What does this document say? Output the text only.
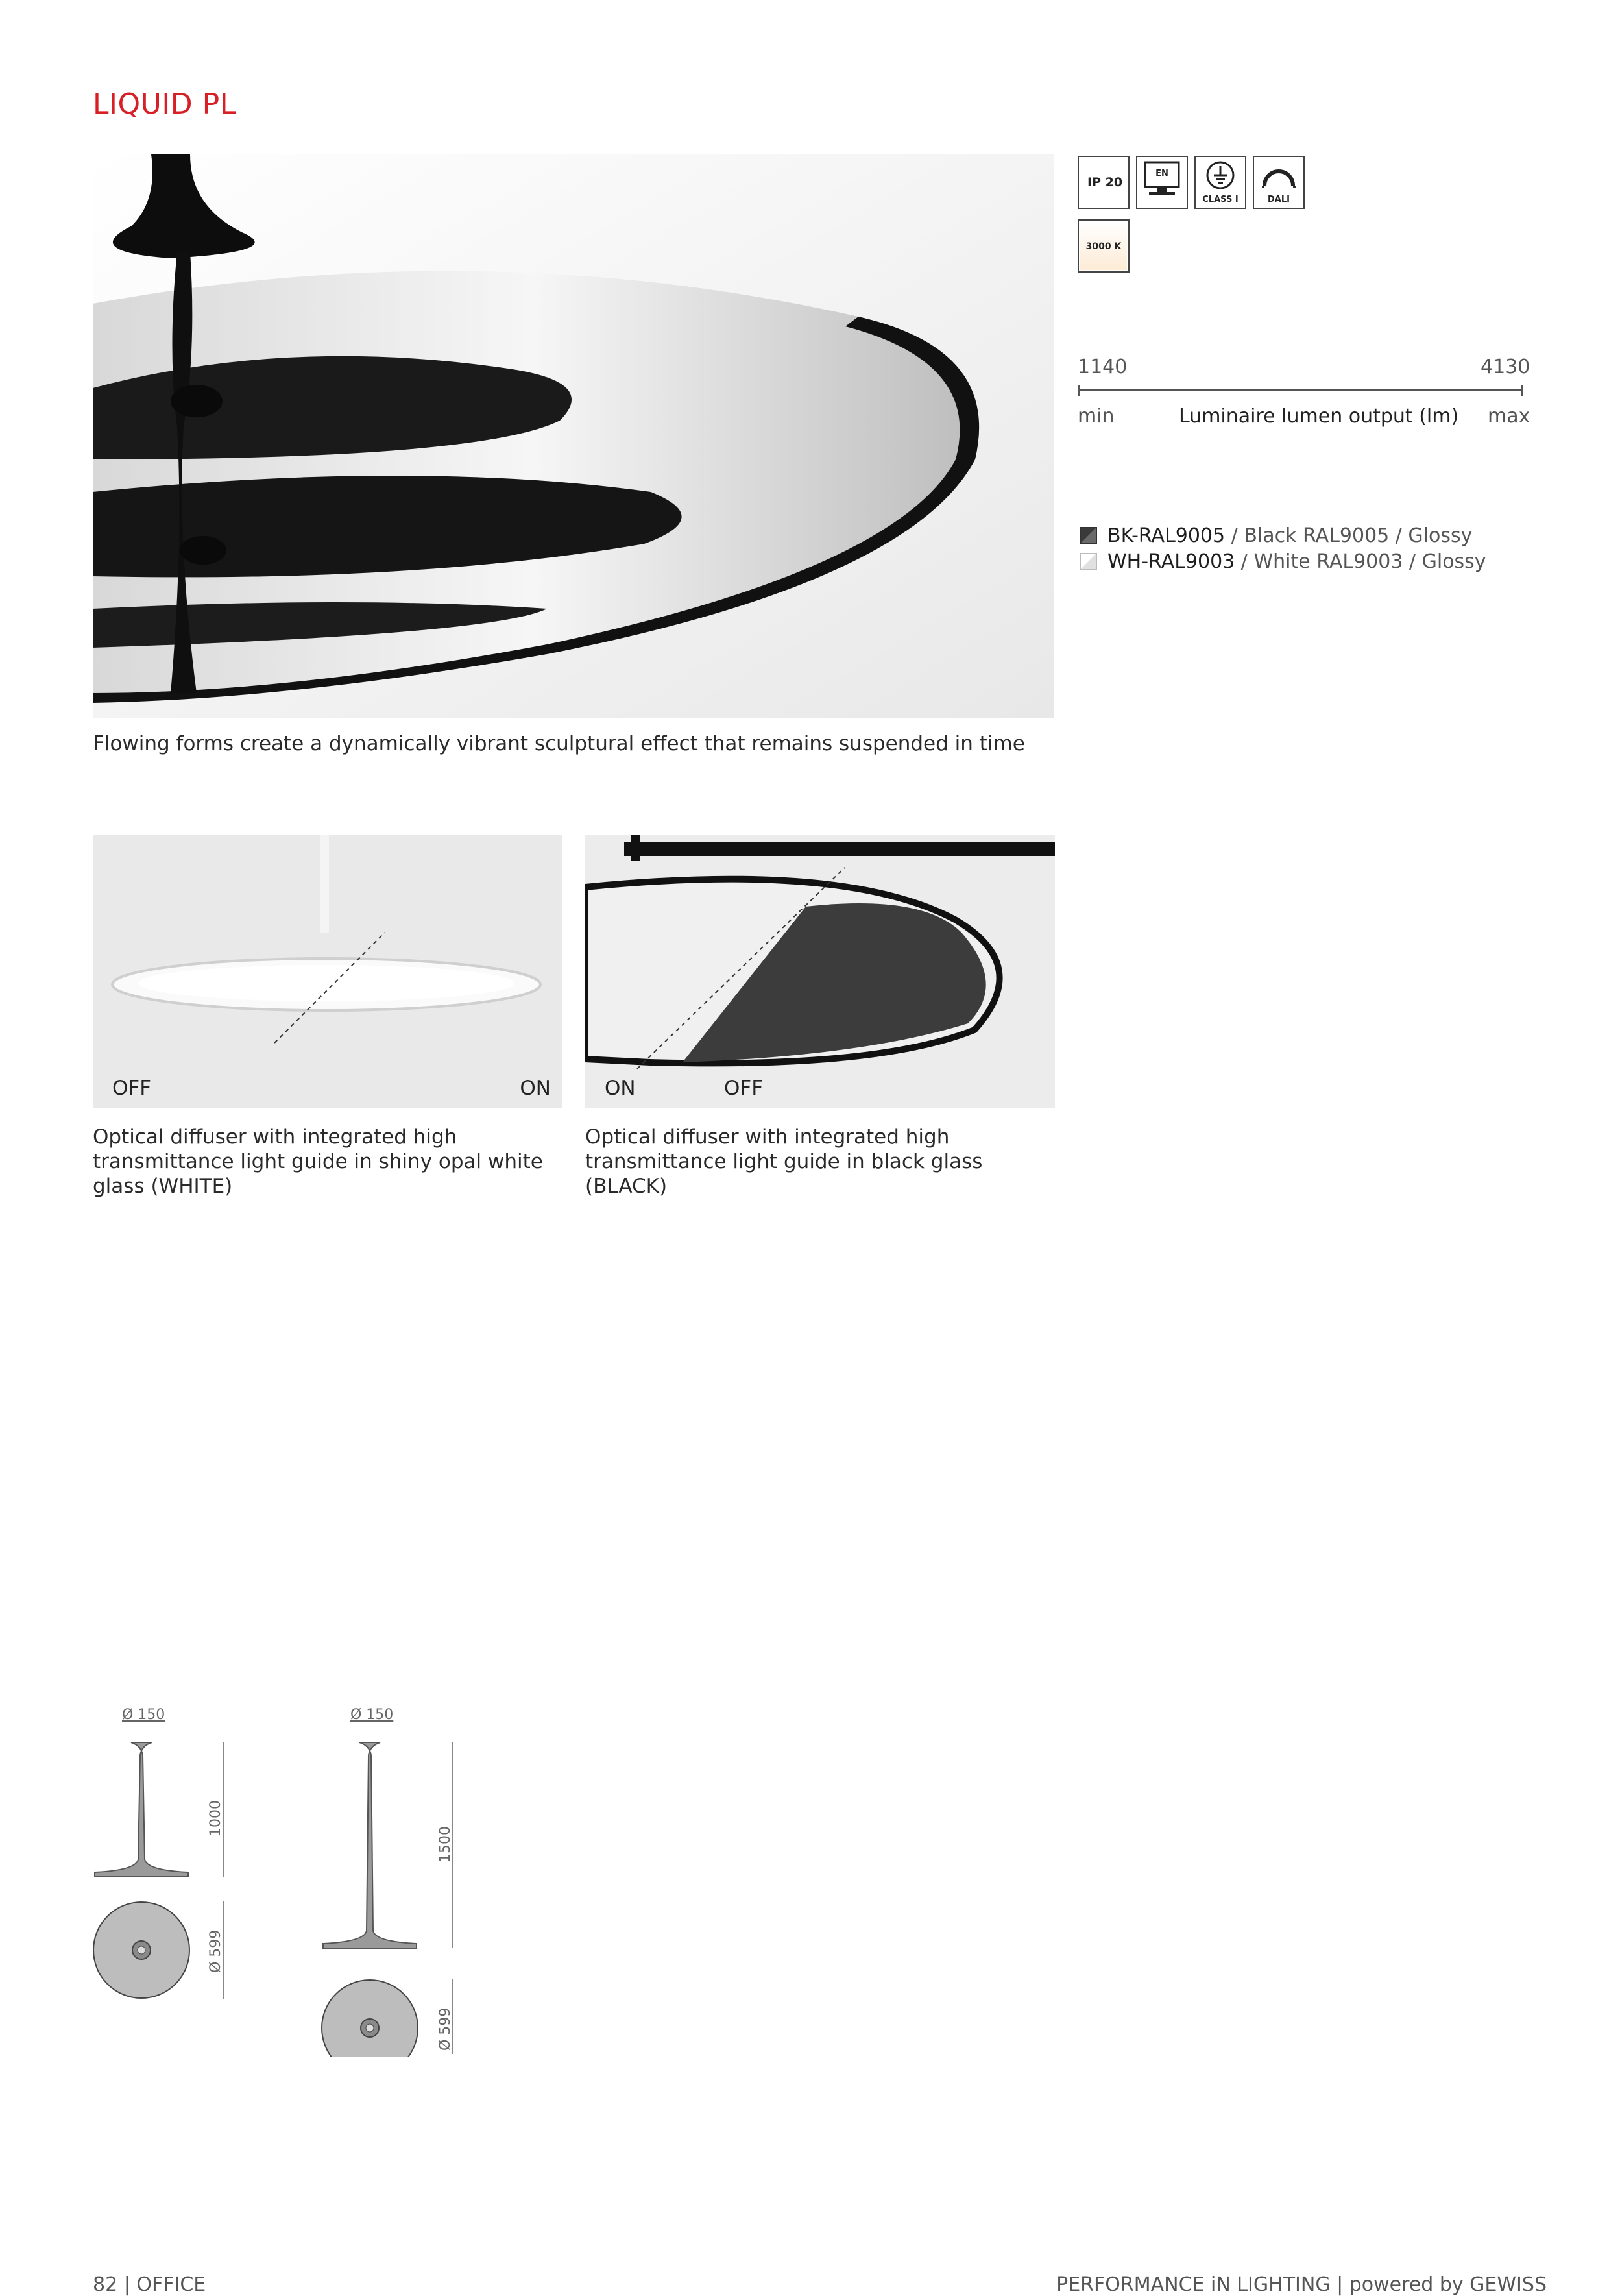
LIQUID PL
Flowing forms create a dynamically vibrant sculptural effect that remains suspended in time
OFF	ON
Optical diffuser with integrated high transmittance light guide in shiny opal white glass (WHITE)
ON	OFF
Optical diffuser with integrated high transmittance light guide in black glass (BLACK)
IP 20
EN
CLASS I	DALI
3000 K
1140	4130
min	Luminaire lumen output (lm) max
BK-RAL9005 / Black RAL9005 / Glossy
WH-RAL9003 / White RAL9003 / Glossy
Ø 150
1000
Ø 599
Ø 150
1500
Ø 599
82 | OFFICE	PERFORMANCE iN LIGHTING | powered by GEWISS
